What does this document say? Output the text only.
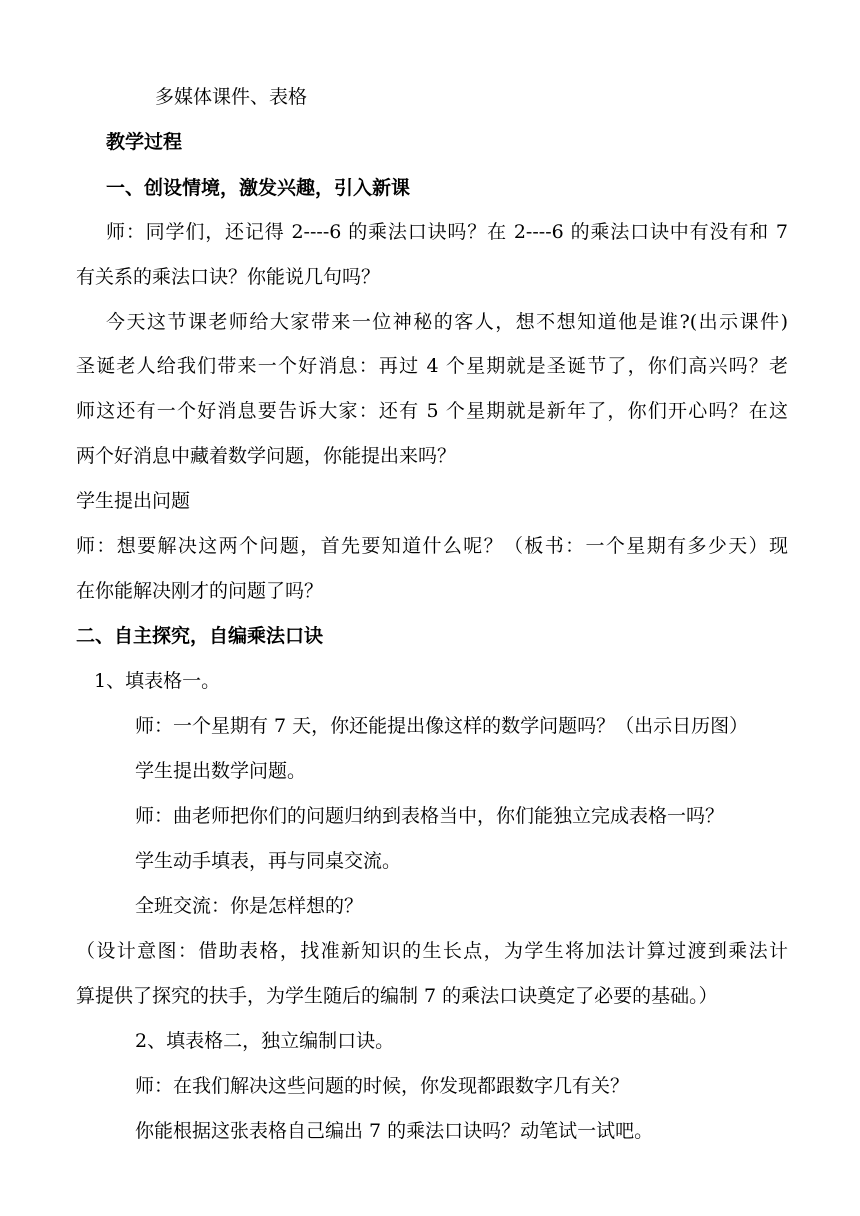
多媒体课件、表格
教学过程
一、创设情境，激发兴趣，引入新课
师：同学们，还记得 2----6 的乘法口诀吗？在 2----6 的乘法口诀中有没有和 7
有关系的乘法口诀？你能说几句吗？
今天这节课老师给大家带来一位神秘的客人，想不想知道他是谁?(出示课件)
圣诞老人给我们带来一个好消息：再过 4 个星期就是圣诞节了，你们高兴吗？老
师这还有一个好消息要告诉大家：还有 5 个星期就是新年了，你们开心吗？在这
两个好消息中藏着数学问题，你能提出来吗？
学生提出问题
师：想要解决这两个问题，首先要知道什么呢？（板书：一个星期有多少天）现
在你能解决刚才的问题了吗？
二、自主探究，自编乘法口诀
1、填表格一。
师：一个星期有 7 天，你还能提出像这样的数学问题吗？（出示日历图）
学生提出数学问题。
师：曲老师把你们的问题归纳到表格当中，你们能独立完成表格一吗？
学生动手填表，再与同桌交流。
全班交流：你是怎样想的？
（设计意图：借助表格，找准新知识的生长点，为学生将加法计算过渡到乘法计
算提供了探究的扶手，为学生随后的编制 7 的乘法口诀奠定了必要的基础。）
2、填表格二，独立编制口诀。
师：在我们解决这些问题的时候，你发现都跟数字几有关？
你能根据这张表格自己编出 7 的乘法口诀吗？动笔试一试吧。
